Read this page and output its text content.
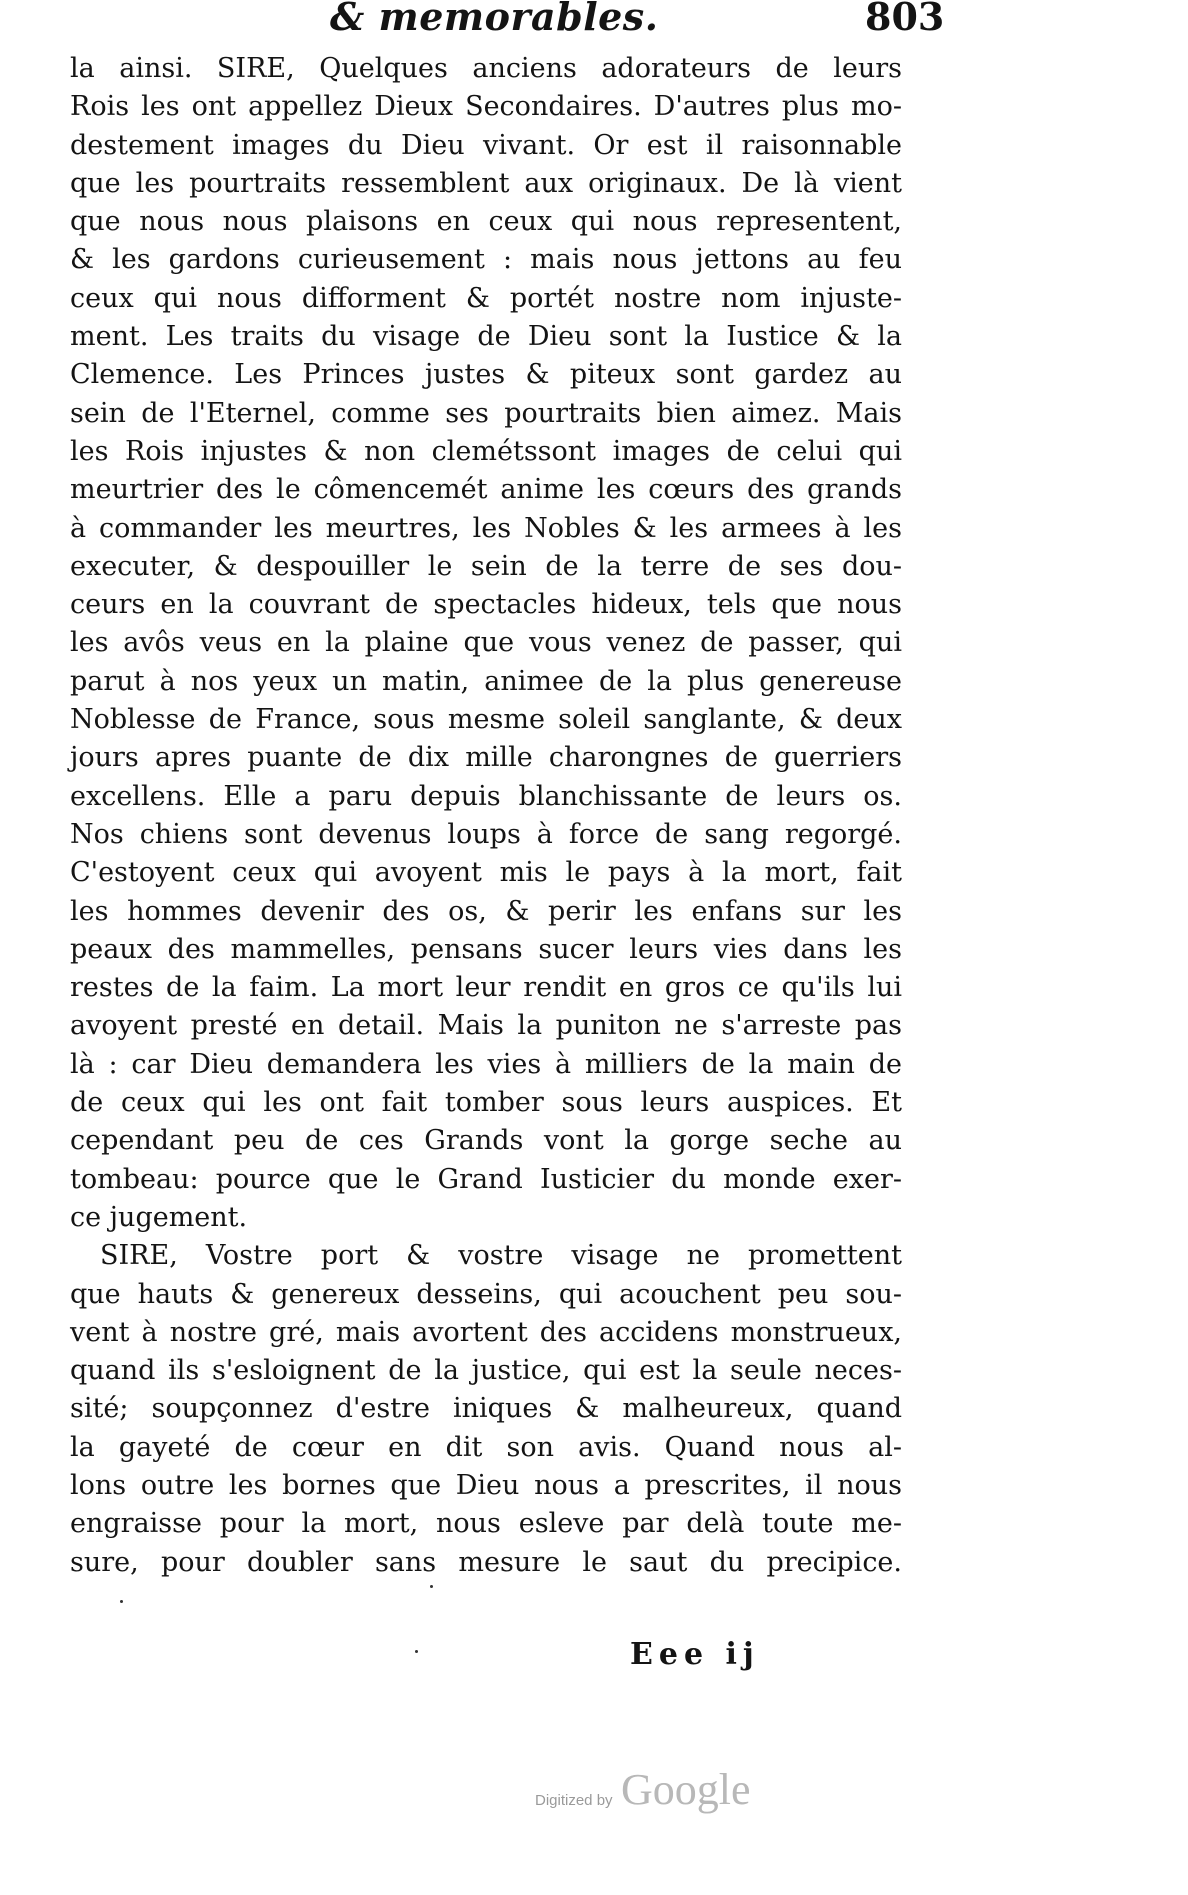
& memorables.	803
la ainsi. SIRE, Quelques anciens adorateurs de leurs
Rois les ont appellez Dieux Secondaires. D'autres plus mo-
destement images du Dieu vivant. Or est il raisonnable
que les pourtraits ressemblent aux originaux. De là vient
que nous nous plaisons en ceux qui nous representent,
& les gardons curieusement : mais nous jettons au feu
ceux qui nous difforment & portét nostre nom injuste-
ment. Les traits du visage de Dieu sont la Iustice & la
Clemence. Les Princes justes & piteux sont gardez au
sein de l'Eternel, comme ses pourtraits bien aimez. Mais
les Rois injustes & non clemétssont images de celui qui
meurtrier des le cômencemét anime les cœurs des grands
à commander les meurtres, les Nobles & les armees à les
executer, & despouiller le sein de la terre de ses dou-
ceurs en la couvrant de spectacles hideux, tels que nous
les avôs veus en la plaine que vous venez de passer, qui
parut à nos yeux un matin, animee de la plus genereuse
Noblesse de France, sous mesme soleil sanglante, & deux
jours apres puante de dix mille charongnes de guerriers
excellens. Elle a paru depuis blanchissante de leurs os.
Nos chiens sont devenus loups à force de sang regorgé.
C'estoyent ceux qui avoyent mis le pays à la mort, fait
les hommes devenir des os, & perir les enfans sur les
peaux des mammelles, pensans sucer leurs vies dans les
restes de la faim. La mort leur rendit en gros ce qu'ils lui
avoyent presté en detail. Mais la puniton ne s'arreste pas
là : car Dieu demandera les vies à milliers de la main de
de ceux qui les ont fait tomber sous leurs auspices. Et
cependant peu de ces Grands vont la gorge seche au
tombeau: pource que le Grand Iusticier du monde exer-
ce jugement.
SIRE, Vostre port & vostre visage ne promettent
que hauts & genereux desseins, qui acouchent peu sou-
vent à nostre gré, mais avortent des accidens monstrueux,
quand ils s'esloignent de la justice, qui est la seule neces-
sité; soupçonnez d'estre iniques & malheureux, quand
la gayeté de cœur en dit son avis. Quand nous al-
lons outre les bornes que Dieu nous a prescrites, il nous
engraisse pour la mort, nous esleve par delà toute me-
sure, pour doubler sans mesure le saut du precipice.
Eee ij
Digitized by Google
